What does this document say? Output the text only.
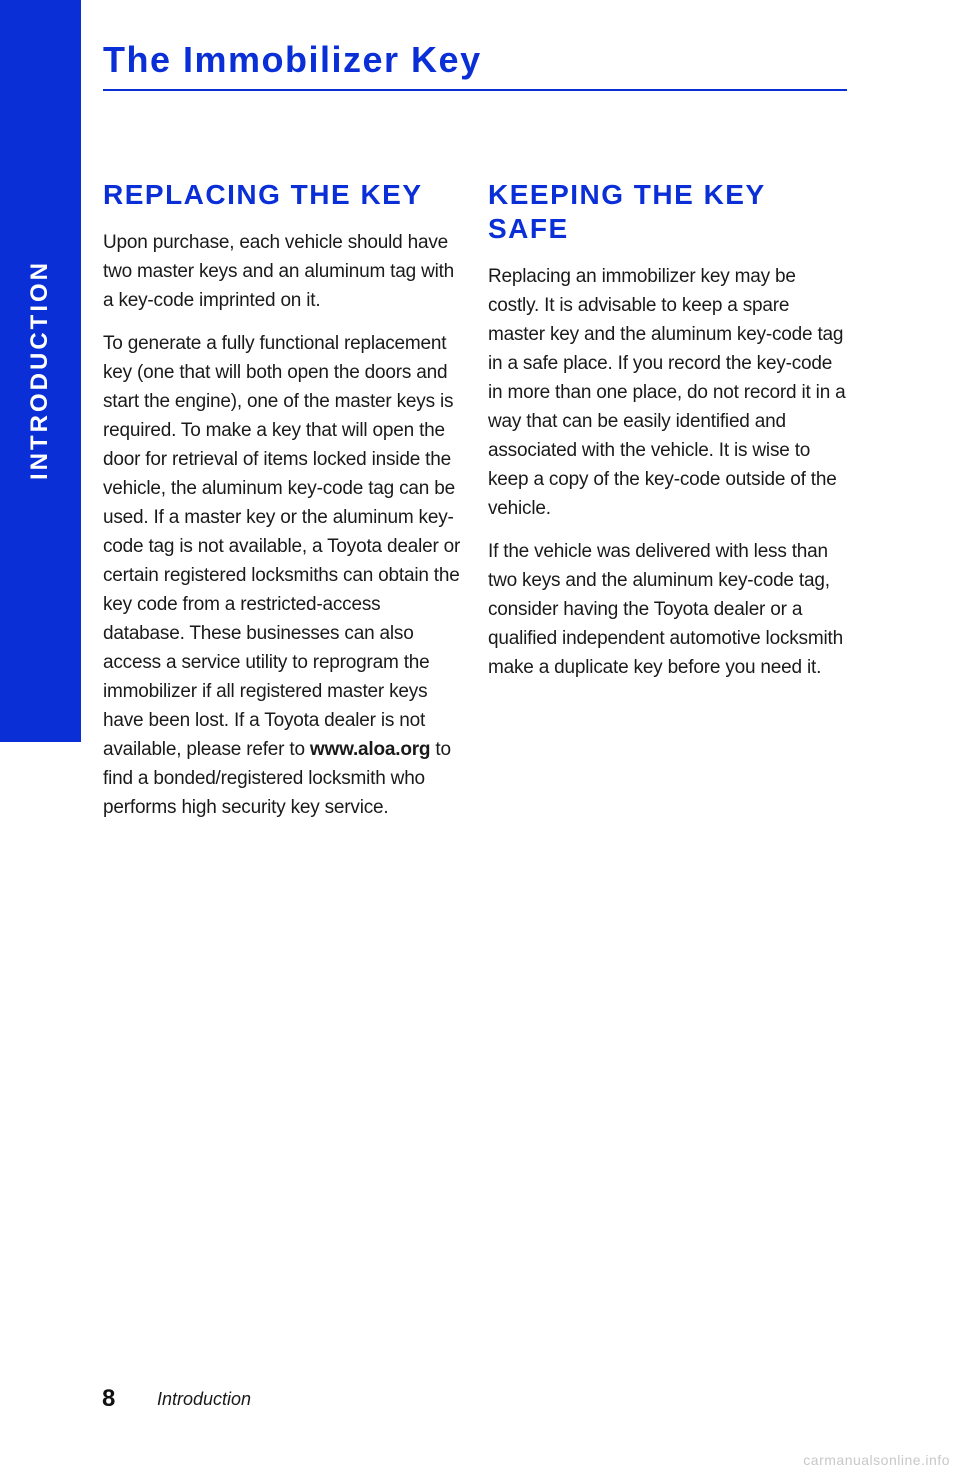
INTRODUCTION
The Immobilizer Key
REPLACING THE KEY

Upon purchase, each vehicle should have two master keys and an aluminum tag with a key-code imprinted on it.

To generate a fully functional replacement key (one that will both open the doors and start the engine), one of the master keys is required. To make a key that will open the door for retrieval of items locked inside the vehicle, the aluminum key-code tag can be used. If a master key or the aluminum key-code tag is not available, a Toyota dealer or certain registered locksmiths can obtain the key code from a restricted-access database. These businesses can also access a service utility to reprogram the immobilizer if all registered master keys have been lost. If a Toyota dealer is not available, please refer to www.aloa.org to find a bonded/registered locksmith who performs high security key service.

KEEPING THE KEY SAFE

Replacing an immobilizer key may be costly. It is advisable to keep a spare master key and the aluminum key-code tag in a safe place. If you record the key-code in more than one place, do not record it in a way that can be easily identified and associated with the vehicle. It is wise to keep a copy of the key-code outside of the vehicle.

If the vehicle was delivered with less than two keys and the aluminum key-code tag, consider having the Toyota dealer or a qualified independent automotive locksmith make a duplicate key before you need it.

8 Introduction
carmanualsonline.info
